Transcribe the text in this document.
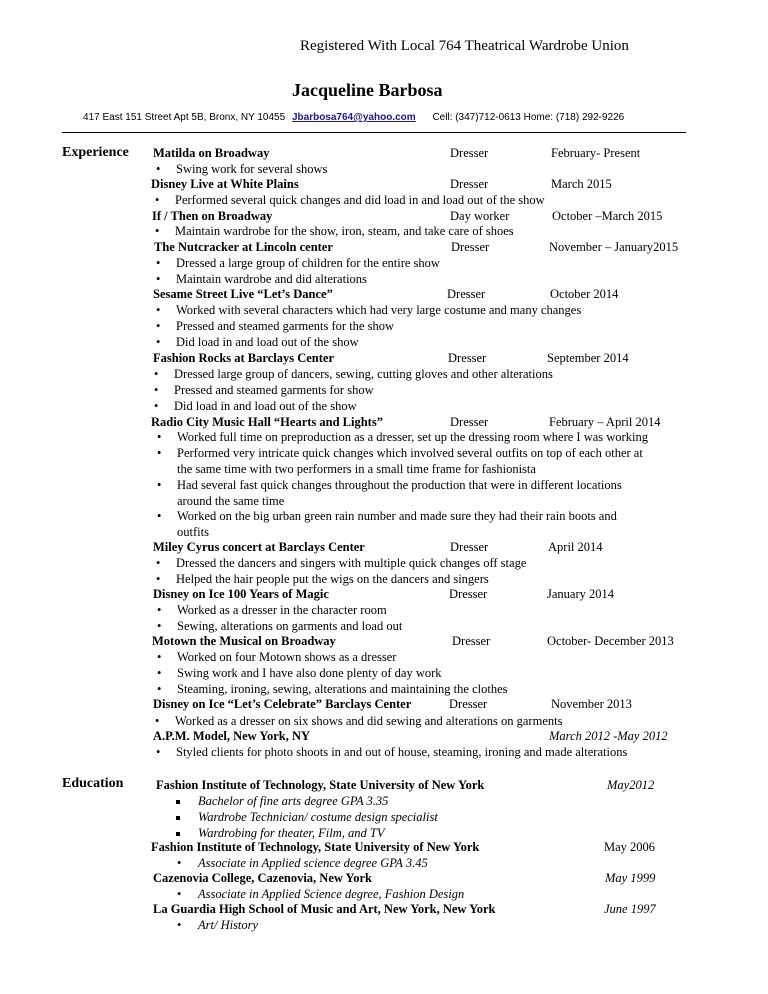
Registered With Local 764 Theatrical Wardrobe Union
Jacqueline Barbosa
417 East 151 Street Apt 5B, Bronx, NY 10455 Jbarbosa764@yahoo.com Cell: (347)712-0613 Home: (718) 292-9226
Experience Matilda on Broadway	Dresser	February- Present
• Swing work for several shows
Disney Live at White Plains	Dresser	March 2015
• Performed several quick changes and did load in and load out of the show
If / Then on Broadway	Day worker	October –March 2015
• Maintain wardrobe for the show, iron, steam, and take care of shoes
The Nutcracker at Lincoln center	Dresser	November – January2015
• Dressed a large group of children for the entire show
• Maintain wardrobe and did alterations
Sesame Street Live “Let’s Dance”	Dresser	October 2014
• Worked with several characters which had very large costume and many changes
• Pressed and steamed garments for the show
• Did load in and load out of the show
Fashion Rocks at Barclays Center	Dresser	September 2014
• Dressed large group of dancers, sewing, cutting gloves and other alterations
• Pressed and steamed garments for show
• Did load in and load out of the show
Radio City Music Hall “Hearts and Lights”	Dresser	February – April 2014
• Worked full time on preproduction as a dresser, set up the dressing room where I was working
• Performed very intricate quick changes which involved several outfits on top of each other at
the same time with two performers in a small time frame for fashionista
• Had several fast quick changes throughout the production that were in different locations
around the same time
• Worked on the big urban green rain number and made sure they had their rain boots and
outfits
Miley Cyrus concert at Barclays Center	Dresser	April 2014
• Dressed the dancers and singers with multiple quick changes off stage
• Helped the hair people put the wigs on the dancers and singers
Disney on Ice 100 Years of Magic	Dresser	January 2014
• Worked as a dresser in the character room
• Sewing, alterations on garments and load out
Motown the Musical on Broadway	Dresser	October- December 2013
• Worked on four Motown shows as a dresser
• Swing work and I have also done plenty of day work
• Steaming, ironing, sewing, alterations and maintaining the clothes
Disney on Ice “Let’s Celebrate” Barclays Center	Dresser	November 2013
• Worked as a dresser on six shows and did sewing and alterations on garments
A.P.M. Model, New York, NY	March 2012 -May 2012
• Styled clients for photo shoots in and out of house, steaming, ironing and made alterations
Education	Fashion Institute of Technology, State University of New York	May2012
Bachelor of fine arts degree GPA 3.35
Wardrobe Technician/ costume design specialist
Wardrobing for theater, Film, and TV
Fashion Institute of Technology, State University of New York	May 2006
• Associate in Applied science degree GPA 3.45
Cazenovia College, Cazenovia, New York	May 1999
• Associate in Applied Science degree, Fashion Design
La Guardia High School of Music and Art, New York, New York	June 1997
• Art/ History
